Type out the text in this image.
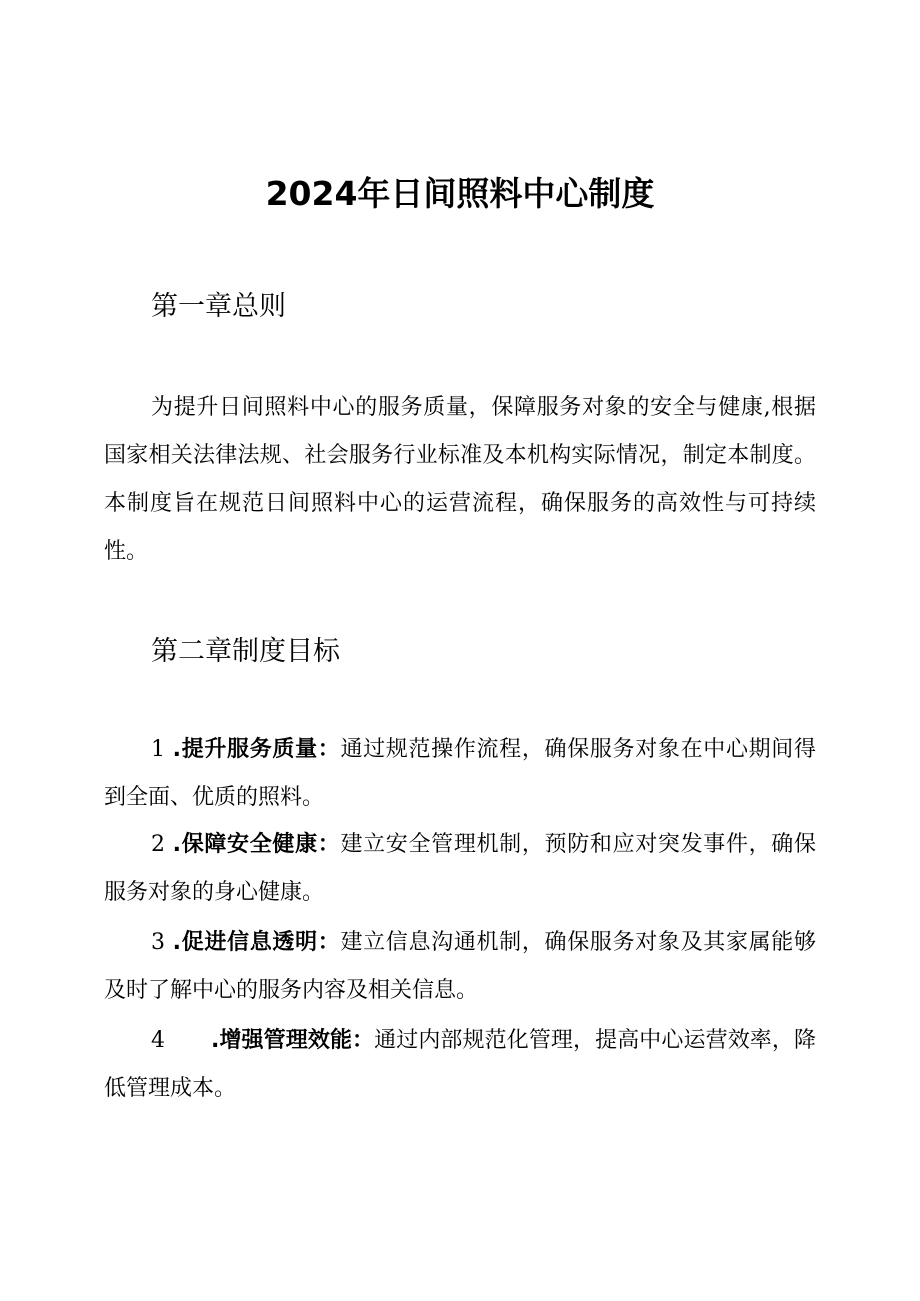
2024年日间照料中心制度
第一章总则

为提升日间照料中心的服务质量，保障服务对象的安全与健康,根据国家相关法律法规、社会服务行业标准及本机构实际情况，制定本制度。本制度旨在规范日间照料中心的运营流程，确保服务的高效性与可持续性。

第二章制度目标

1 .提升服务质量：通过规范操作流程，确保服务对象在中心期间得到全面、优质的照料。

2 .保障安全健康：建立安全管理机制，预防和应对突发事件，确保服务对象的身心健康。

3 .促进信息透明：建立信息沟通机制，确保服务对象及其家属能够及时了解中心的服务内容及相关信息。

4 .增强管理效能：通过内部规范化管理，提高中心运营效率，降低管理成本。
